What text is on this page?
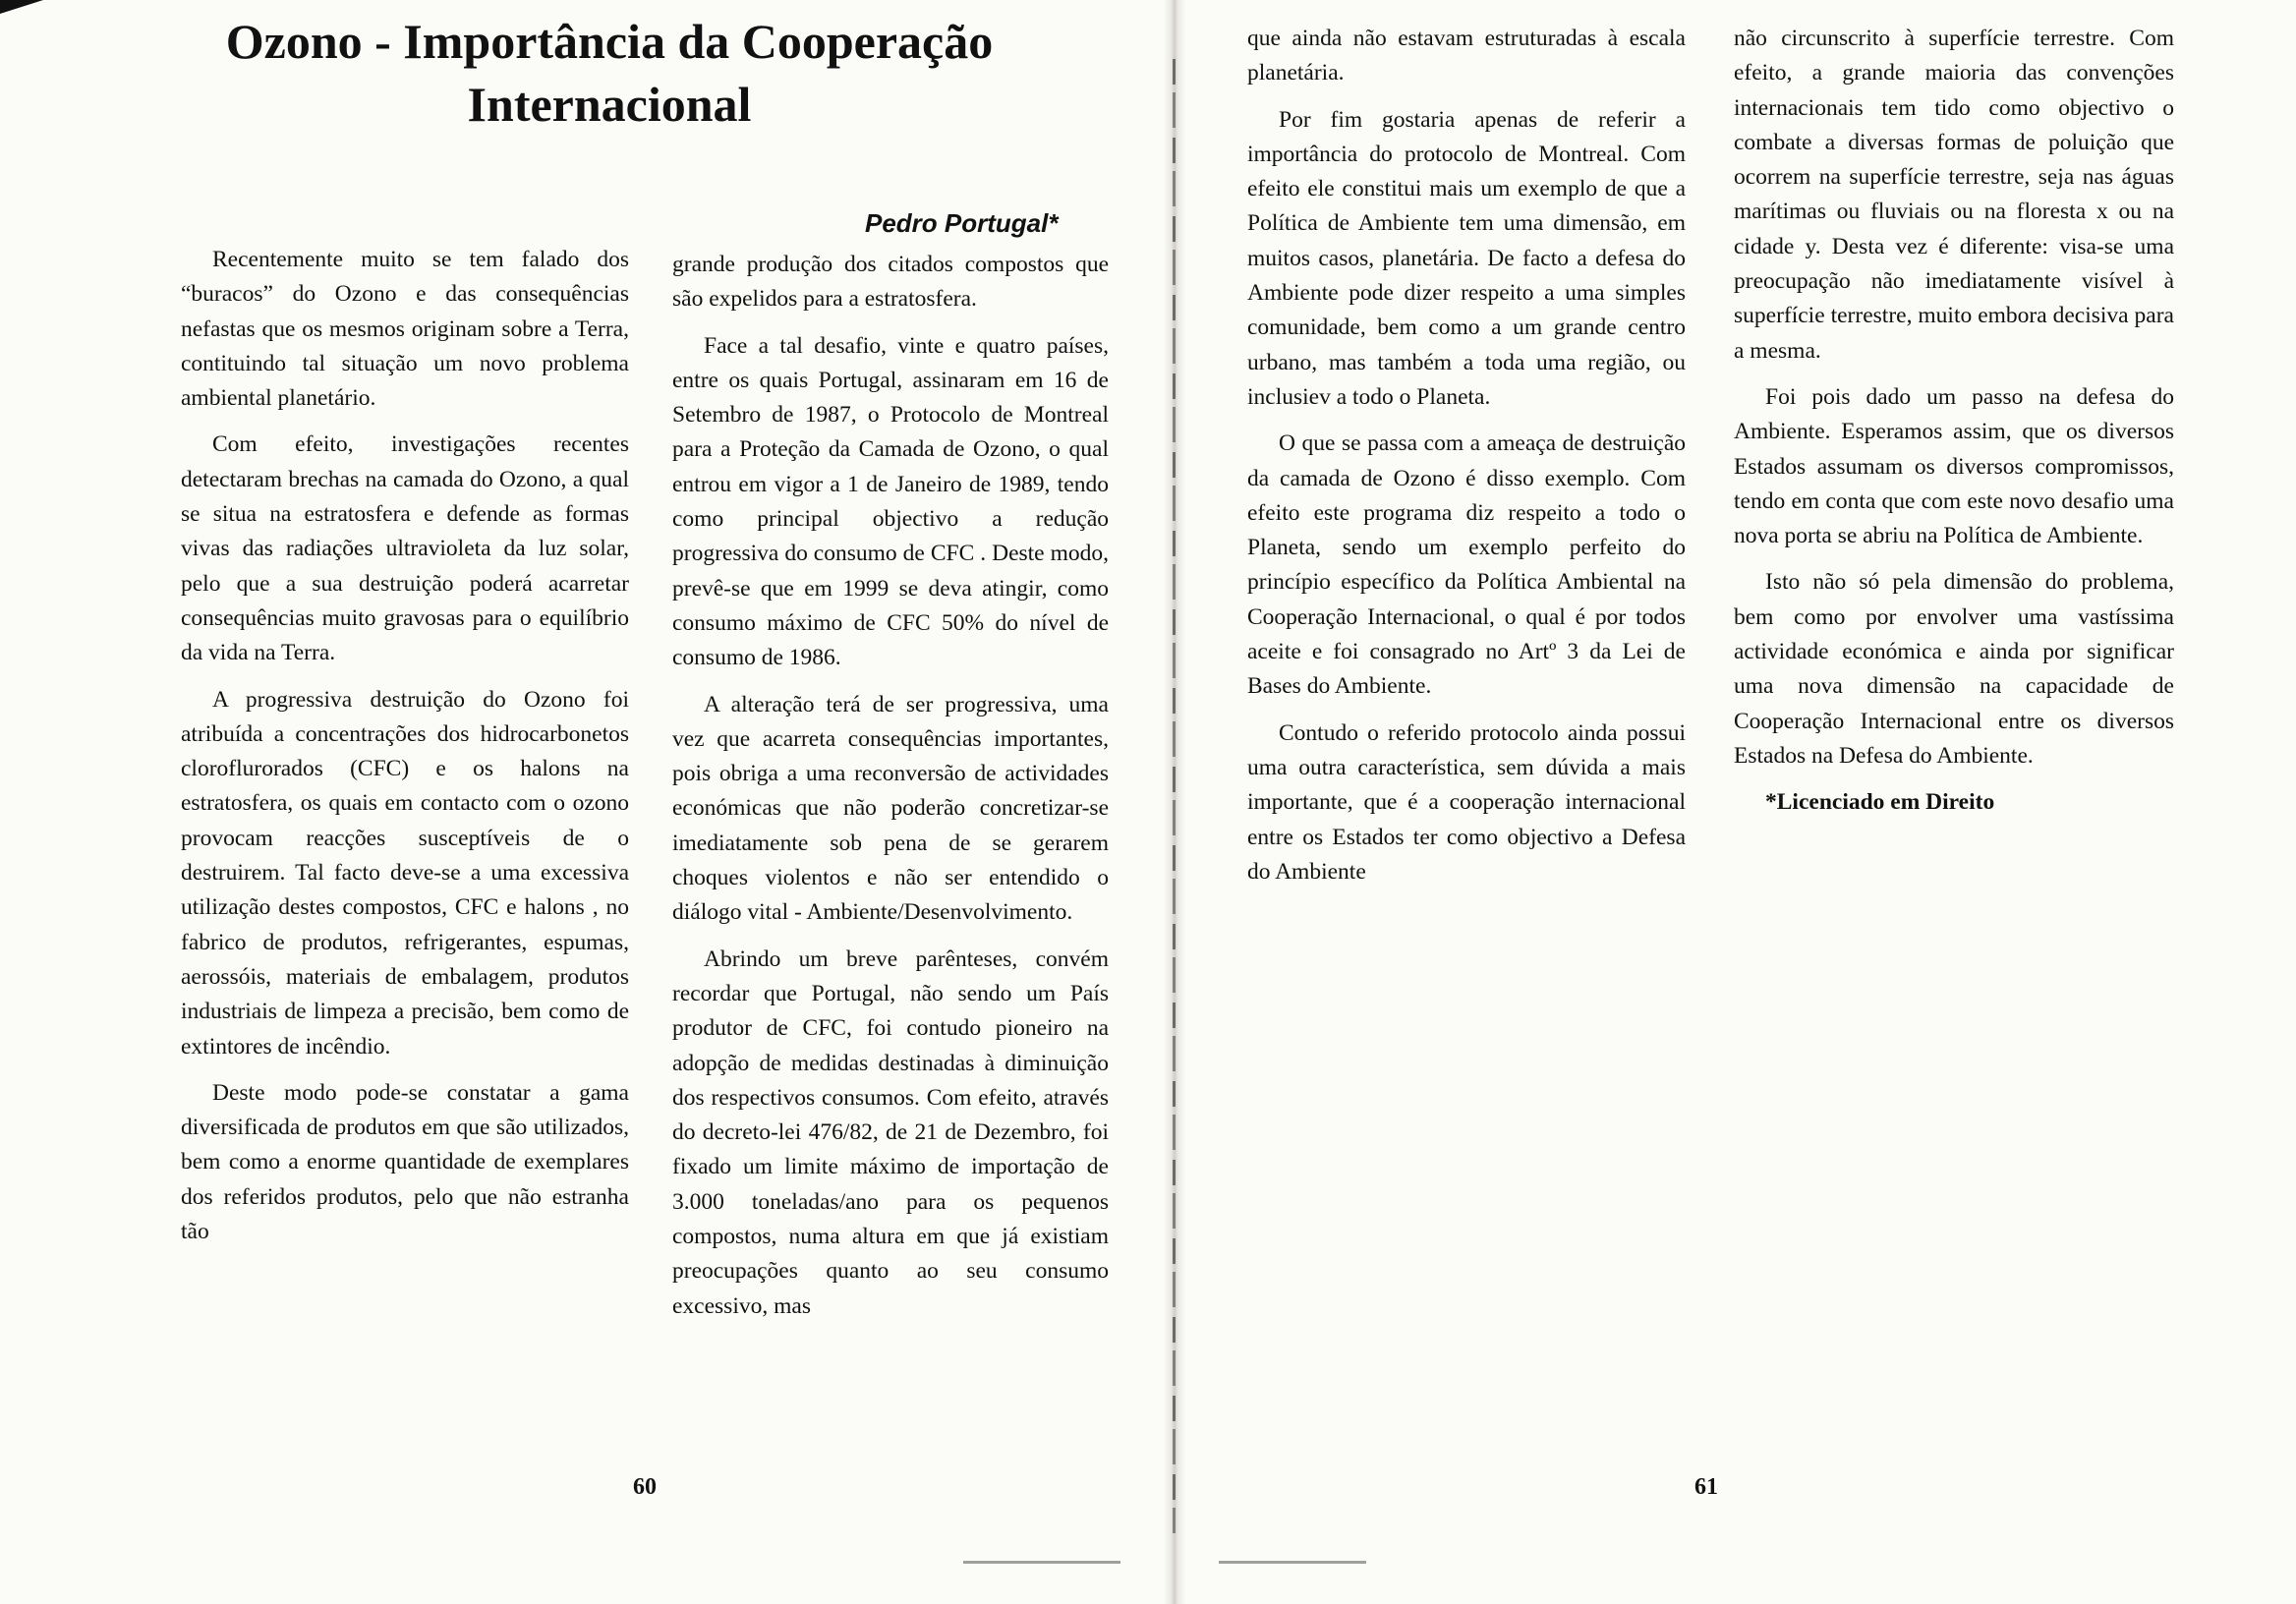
Ozono - Importância da Cooperação Internacional
Pedro Portugal*

Recentemente muito se tem falado dos “buracos” do Ozono e das consequências nefastas que os mesmos originam sobre a Terra, contituindo tal situação um novo problema ambiental planetário.

Com efeito, investigações recentes detectaram brechas na camada do Ozono, a qual se situa na estratosfera e defende as formas vivas das radiações ultravioleta da luz solar, pelo que a sua destruição poderá acarretar consequências muito gravosas para o equilíbrio da vida na Terra.

A progressiva destruição do Ozono foi atribuída a concentrações dos hidrocarbonetos cloroflurorados (CFC) e os halons na estratosfera, os quais em contacto com o ozono provocam reacções susceptíveis de o destruirem. Tal facto deve-se a uma excessiva utilização destes compostos, CFC e halons , no fabrico de produtos, refrigerantes, espumas, aerossóis, materiais de embalagem, produtos industriais de limpeza a precisão, bem como de extintores de incêndio.

Deste modo pode-se constatar a gama diversificada de produtos em que são utilizados, bem como a enorme quantidade de exemplares dos referidos produtos, pelo que não estranha tão

grande produção dos citados compostos que são expelidos para a estratosfera.

Face a tal desafio, vinte e quatro países, entre os quais Portugal, assinaram em 16 de Setembro de 1987, o Protocolo de Montreal para a Proteção da Camada de Ozono, o qual entrou em vigor a 1 de Janeiro de 1989, tendo como principal objectivo a redução progressiva do consumo de CFC . Deste modo, prevê-se que em 1999 se deva atingir, como consumo máximo de CFC 50% do nível de consumo de 1986.

A alteração terá de ser progressiva, uma vez que acarreta consequências importantes, pois obriga a uma reconversão de actividades económicas que não poderão concretizar-se imediatamente sob pena de se gerarem choques violentos e não ser entendido o diálogo vital - Ambiente/Desenvolvimento.

Abrindo um breve parênteses, convém recordar que Portugal, não sendo um País produtor de CFC, foi contudo pioneiro na adopção de medidas destinadas à diminuição dos respectivos consumos. Com efeito, através do decreto-lei 476/82, de 21 de Dezembro, foi fixado um limite máximo de importação de 3.000 toneladas/ano para os pequenos compostos, numa altura em que já existiam preocupações quanto ao seu consumo excessivo, mas

que ainda não estavam estruturadas à escala planetária.

Por fim gostaria apenas de referir a importância do protocolo de Montreal. Com efeito ele constitui mais um exemplo de que a Política de Ambiente tem uma dimensão, em muitos casos, planetária. De facto a defesa do Ambiente pode dizer respeito a uma simples comunidade, bem como a um grande centro urbano, mas também a toda uma região, ou inclusiev a todo o Planeta.

O que se passa com a ameaça de destruição da camada de Ozono é disso exemplo. Com efeito este programa diz respeito a todo o Planeta, sendo um exemplo perfeito do princípio específico da Política Ambiental na Cooperação Internacional, o qual é por todos aceite e foi consagrado no Artº 3 da Lei de Bases do Ambiente.

Contudo o referido protocolo ainda possui uma outra característica, sem dúvida a mais importante, que é a cooperação internacional entre os Estados ter como objectivo a Defesa do Ambiente

não circunscrito à superfície terrestre. Com efeito, a grande maioria das convenções internacionais tem tido como objectivo o combate a diversas formas de poluição que ocorrem na superfície terrestre, seja nas águas marítimas ou fluviais ou na floresta x ou na cidade y. Desta vez é diferente: visa-se uma preocupação não imediatamente visível à superfície terrestre, muito embora decisiva para a mesma.

Foi pois dado um passo na defesa do Ambiente. Esperamos assim, que os diversos Estados assumam os diversos compromissos, tendo em conta que com este novo desafio uma nova porta se abriu na Política de Ambiente.

Isto não só pela dimensão do problema, bem como por envolver uma vastíssima actividade económica e ainda por significar uma nova dimensão na capacidade de Cooperação Internacional entre os diversos Estados na Defesa do Ambiente.

*Licenciado em Direito

60	61
